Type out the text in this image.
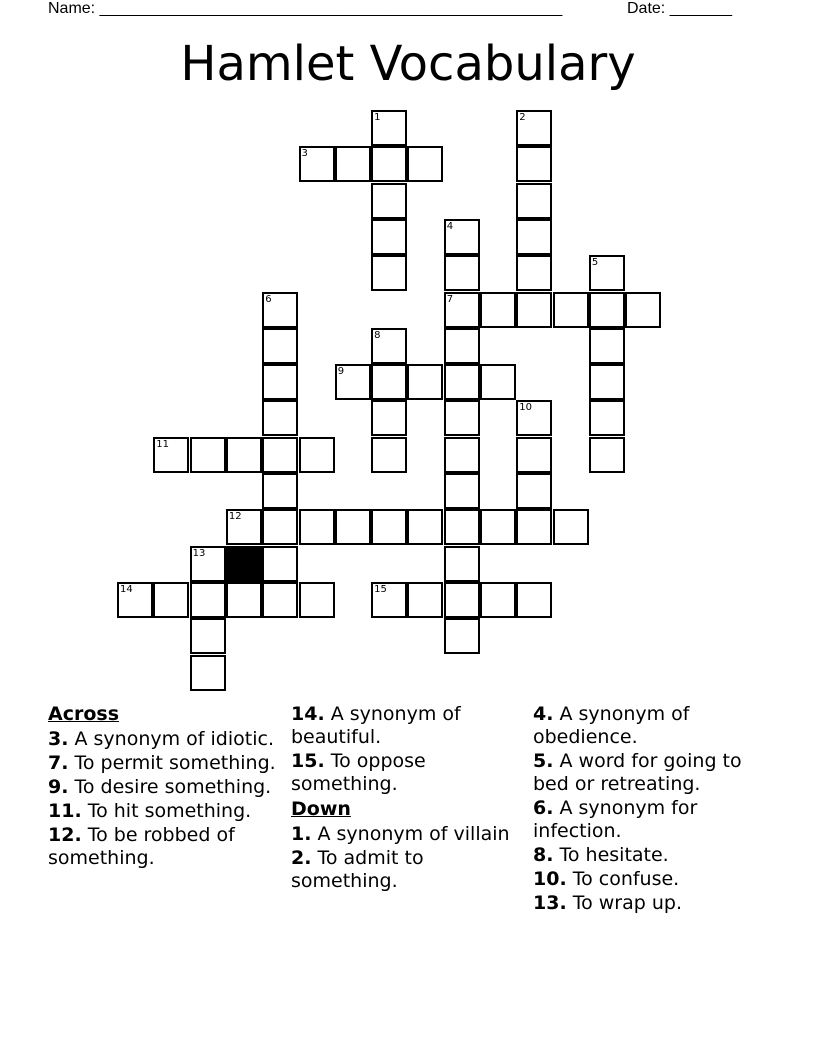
Name: ____________________________________________________	Date: _______
Hamlet Vocabulary
1	2
3
4
5
6	7
8
9
10
11
12
13
14	15
Across
3. A synonym of idiotic.
7. To permit something.
9. To desire something.
11. To hit something.
12. To be robbed of something.
14. A synonym of beautiful.
15. To oppose something.
Down
1. A synonym of villain
2. To admit to something.
4. A synonym of obedience.
5. A word for going to bed or retreating.
6. A synonym for infection.
8. To hesitate.
10. To confuse.
13. To wrap up.
